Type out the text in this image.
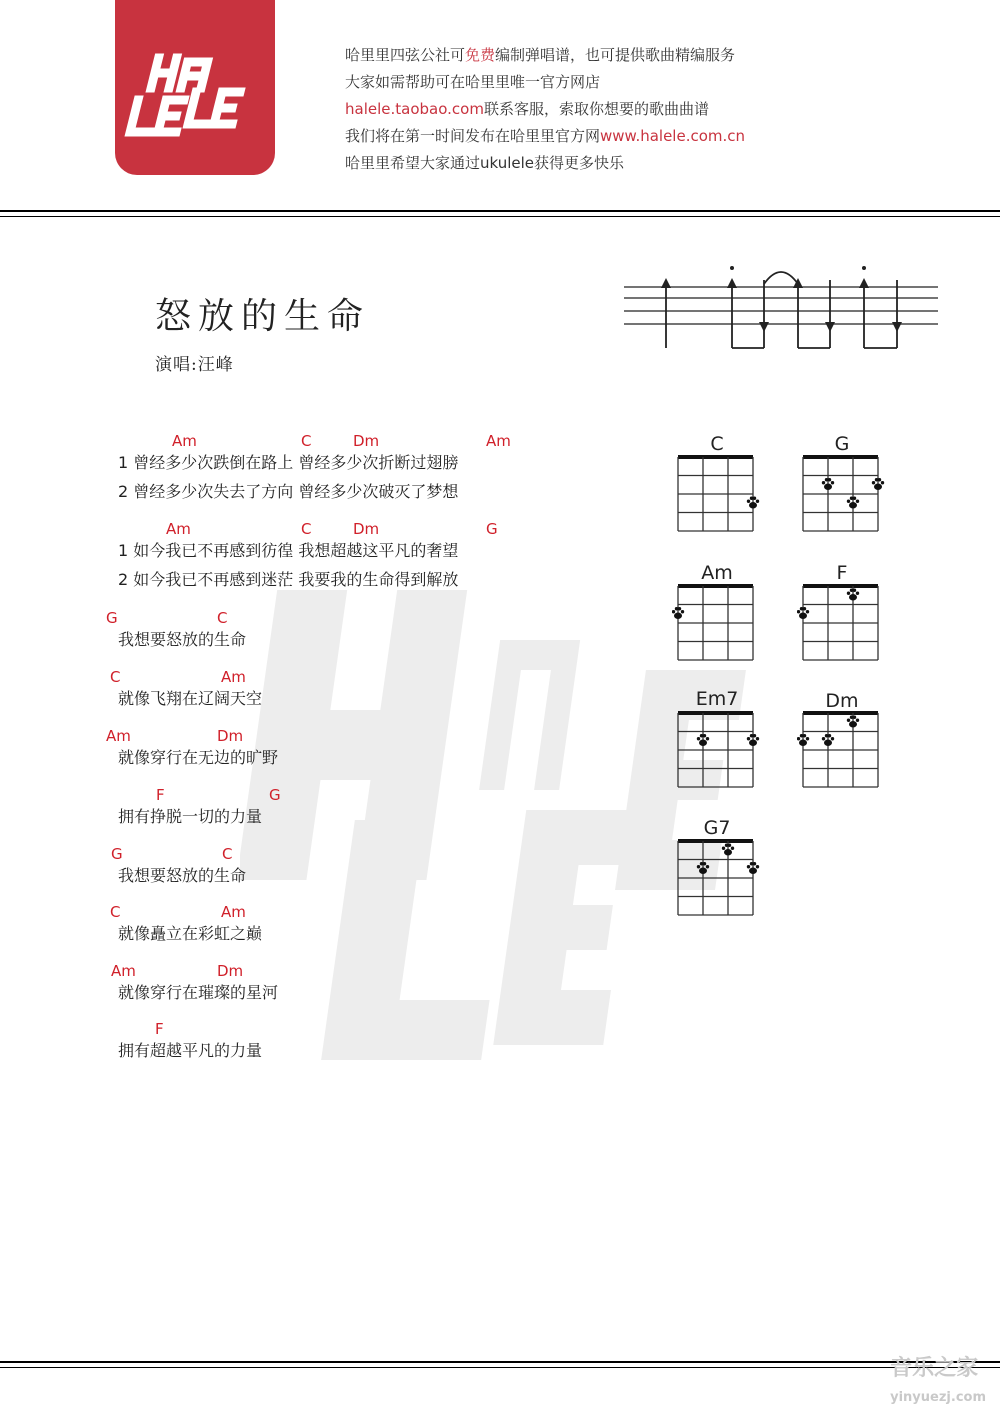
哈里里四弦公社可免费编制弹唱谱，也可提供歌曲精编服务
大家如需帮助可在哈里里唯一官方网店
halele.taobao.com联系客服，索取你想要的歌曲曲谱
我们将在第一时间发布在哈里里官方网www.halele.com.cn
哈里里希望大家通过ukulele获得更多快乐
怒放的生命
演唱:汪峰
Am	C	Dm	Am
1 曾经多少次跌倒在路上 曾经多少次折断过翅膀
2 曾经多少次失去了方向 曾经多少次破灭了梦想
Am	C	Dm	G
1 如今我已不再感到彷徨 我想超越这平凡的奢望
2 如今我已不再感到迷茫 我要我的生命得到解放
G	C
我想要怒放的生命
C	Am
就像飞翔在辽阔天空
Am	Dm
就像穿行在无边的旷野
F	G
拥有挣脱一切的力量
G	C
我想要怒放的生命
C	Am
就像矗立在彩虹之巅
Am	Dm
就像穿行在璀璨的星河
F
拥有超越平凡的力量
C	G
Am	F
Em7	Dm
G7
音乐之家
yinyuezj.com
